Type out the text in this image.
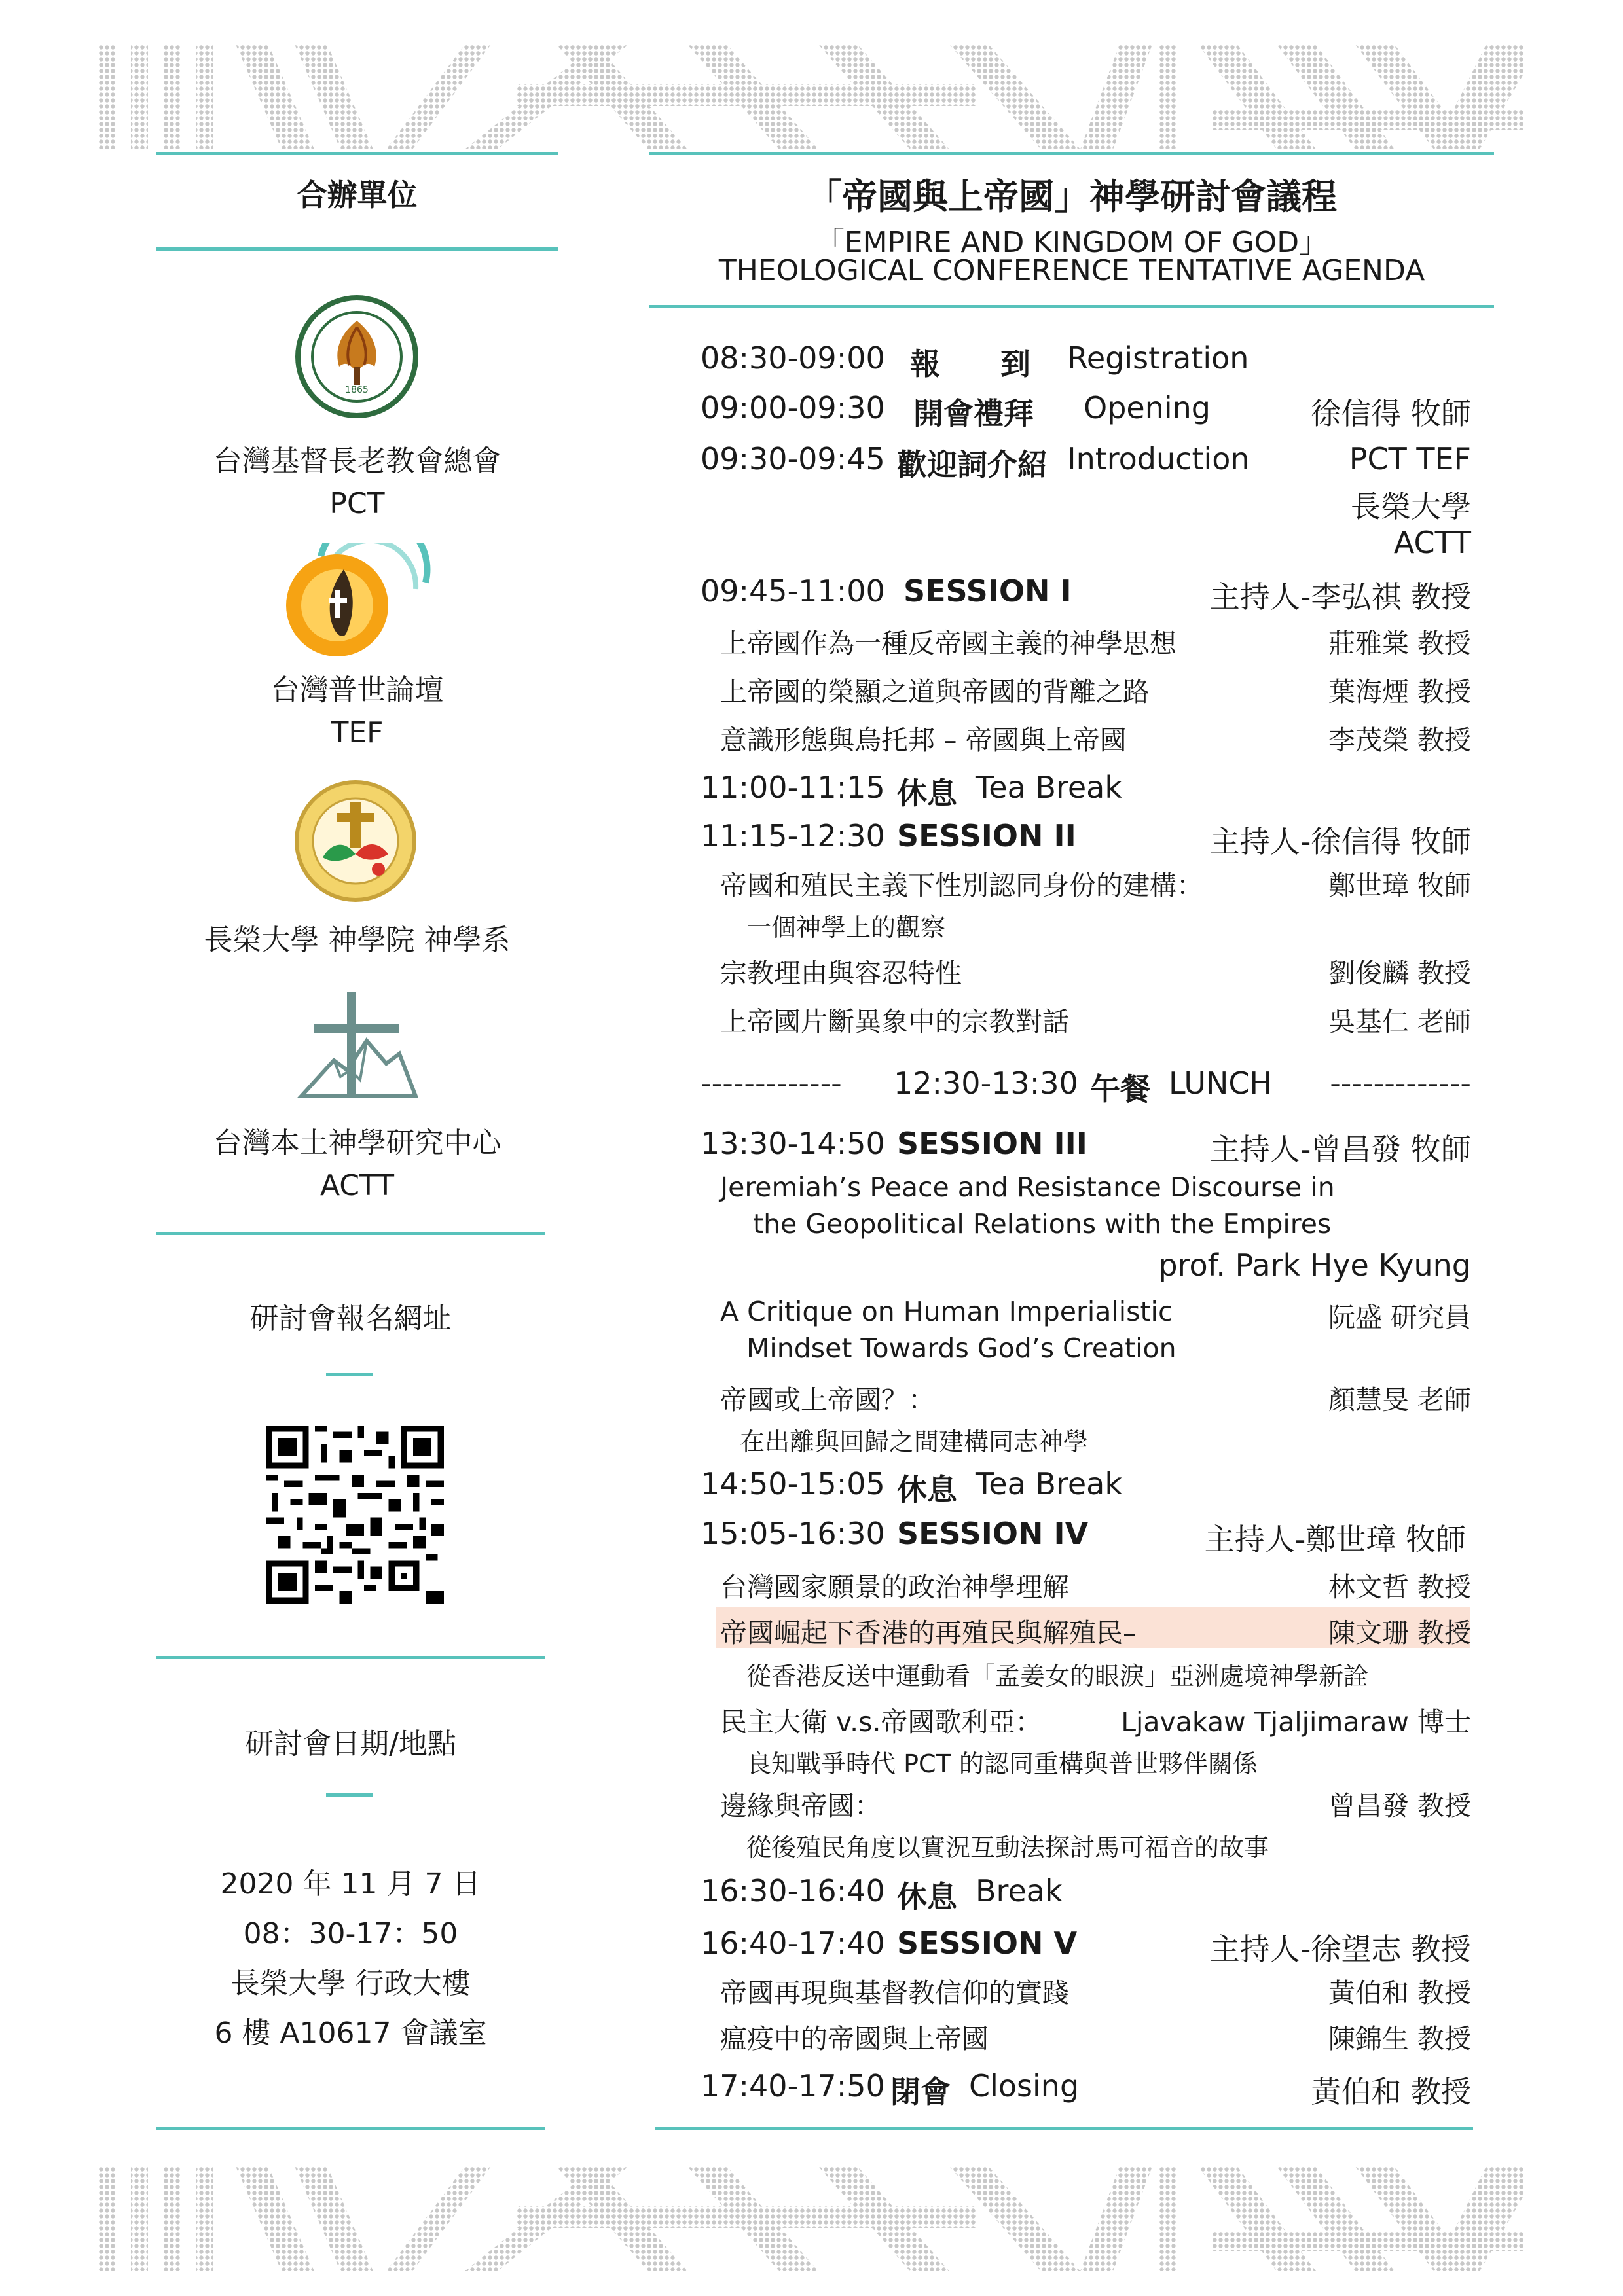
合辦單位
1865
台灣基督長老教會總會
PCT
台灣普世論壇
TEF
長榮大學 神學院 神學系
台灣本土神學研究中心
ACTT
研討會報名網址
研討會日期/地點
2020 年 11 月 7 日
08：30-17：50
長榮大學 行政大樓
6 樓 A10617 會議室
「帝國與上帝國」神學研討會議程
「EMPIRE AND KINGDOM OF GOD」
THEOLOGICAL CONFERENCE TENTATIVE AGENDA
08:30-09:00 報　　到 Registration
09:00-09:30 開會禮拜 Opening	徐信得 牧師
09:30-09:45 歡迎詞介紹 Introduction	PCT TEF
長榮大學
ACTT
09:45-11:00 SESSION I	主持人-李弘祺 教授
上帝國作為一種反帝國主義的神學思想	莊雅棠 教授
上帝國的榮顯之道與帝國的背離之路	葉海煙 教授
意識形態與烏托邦 – 帝國與上帝國	李茂榮 教授
11:00-11:15 休息 Tea Break
11:15-12:30 SESSION II	主持人-徐信得 牧師
帝國和殖民主義下性別認同身份的建構：	鄭世璋 牧師
一個神學上的觀察
宗教理由與容忍特性	劉俊麟 教授
上帝國片斷異象中的宗教對話	吳基仁 老師
------------- 12:30-13:30 午餐 LUNCH -------------
13:30-14:50 SESSION III	主持人-曾昌發 牧師
Jeremiah’s Peace and Resistance Discourse in
the Geopolitical Relations with the Empires
prof. Park Hye Kyung
A Critique on Human Imperialistic	阮盛 研究員
Mindset Towards God’s Creation
帝國或上帝國？：	顏慧旻 老師
在出離與回歸之間建構同志神學
14:50-15:05 休息 Tea Break
15:05-16:30 SESSION IV	主持人-鄭世璋 牧師
台灣國家願景的政治神學理解	林文哲 教授
帝國崛起下香港的再殖民與解殖民–	陳文珊 教授
從香港反送中運動看「孟姜女的眼淚」亞洲處境神學新詮
民主大衛 v.s.帝國歌利亞：	Ljavakaw Tjaljimaraw 博士
良知戰爭時代 PCT 的認同重構與普世夥伴關係
邊緣與帝國：	曾昌發 教授
從後殖民角度以實況互動法探討馬可福音的故事
16:30-16:40 休息 Break
16:40-17:40 SESSION V	主持人-徐望志 教授
帝國再現與基督教信仰的實踐	黃伯和 教授
瘟疫中的帝國與上帝國	陳錦生 教授
17:40-17:50 閉會 Closing	黃伯和 教授
